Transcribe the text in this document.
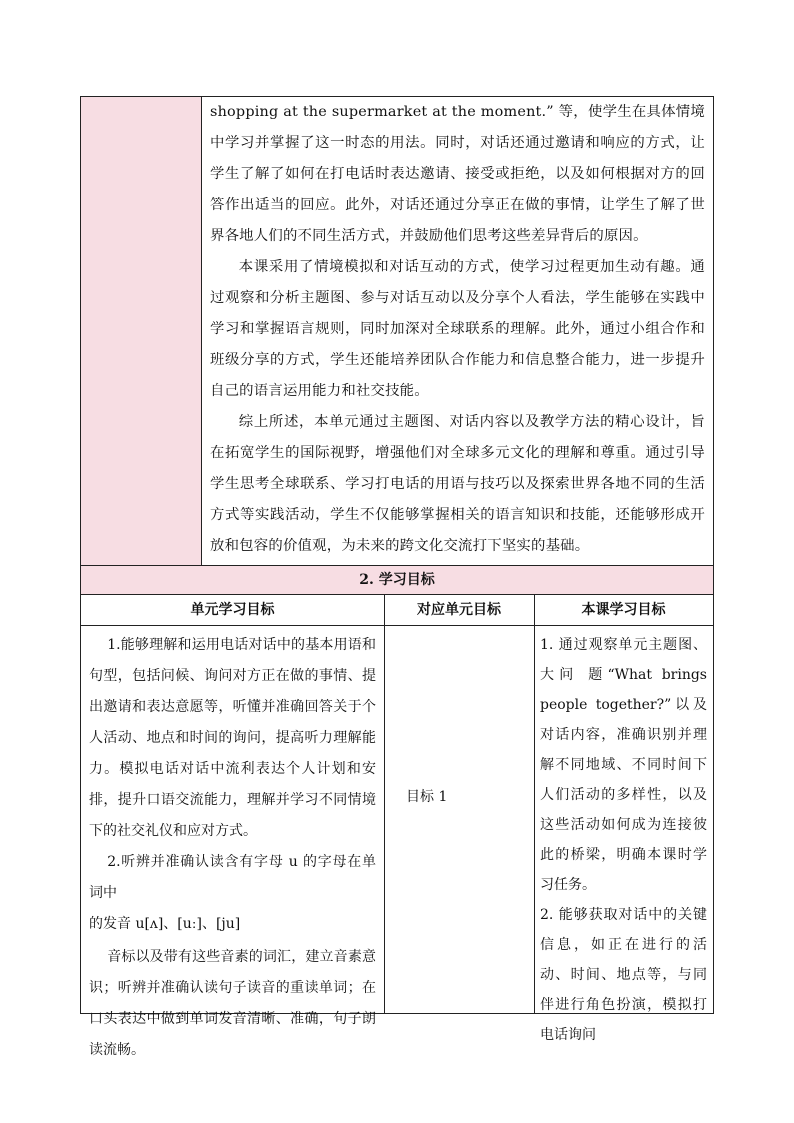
shopping at the supermarket at the moment.” 等，使学生在具体情境中学习并掌握了这一时态的用法。同时，对话还通过邀请和响应的方式，让学生了解了如何在打电话时表达邀请、接受或拒绝，以及如何根据对方的回答作出适当的回应。此外，对话还通过分享正在做的事情，让学生了解了世界各地人们的不同生活方式，并鼓励他们思考这些差异背后的原因。

本课采用了情境模拟和对话互动的方式，使学习过程更加生动有趣。通过观察和分析主题图、参与对话互动以及分享个人看法，学生能够在实践中学习和掌握语言规则，同时加深对全球联系的理解。此外，通过小组合作和班级分享的方式，学生还能培养团队合作能力和信息整合能力，进一步提升自己的语言运用能力和社交技能。

综上所述，本单元通过主题图、对话内容以及教学方法的精心设计，旨在拓宽学生的国际视野，增强他们对全球多元文化的理解和尊重。通过引导学生思考全球联系、学习打电话的用语与技巧以及探索世界各地不同的生活方式等实践活动，学生不仅能够掌握相关的语言知识和技能，还能够形成开放和包容的价值观，为未来的跨文化交流打下坚实的基础。

2. 学习目标
单元学习目标	对应单元目标	本课学习目标

1.能够理解和运用电话对话中的基本用语和句型，包括问候、询问对方正在做的事情、提出邀请和表达意愿等，听懂并准确回答关于个人活动、地点和时间的询问，提高听力理解能力。模拟电话对话中流利表达个人计划和安排，提升口语交流能力，理解并学习不同情境下的社交礼仪和应对方式。

2.听辨并准确认读含有字母 u 的字母在单词中

的发音 u[ʌ]、[uː]、[ju]

音标以及带有这些音素的词汇，建立音素意识；听辨并准确认读句子读音的重读单词；在口头表达中做到单词发音清晰、准确，句子朗读流畅。

目标 1

1. 通过观察单元主题图、大问 题“What brings people together?”以及对话内容，准确识别并理解不同地域、不同时间下人们活动的多样性，以及这些活动如何成为连接彼此的桥梁，明确本课时学习任务。

2. 能够获取对话中的关键信息，如正在进行的活动、时间、地点等，与同伴进行角色扮演，模拟打电话询问
